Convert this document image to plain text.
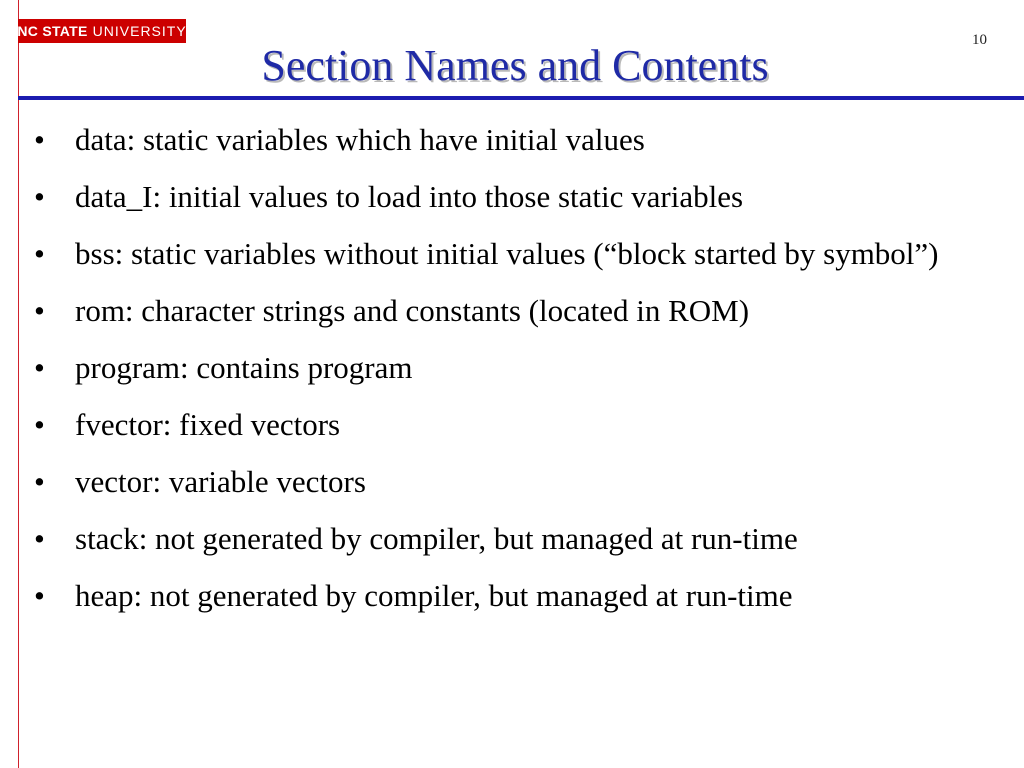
NC STATE UNIVERSITY
10
Section Names and Contents
• data: static variables which have initial values
• data_I: initial values to load into those static variables
• bss: static variables without initial values (“block started by symbol”)
• rom: character strings and constants (located in ROM)
• program: contains program
• fvector: fixed vectors
• vector: variable vectors
• stack: not generated by compiler, but managed at run-time
• heap: not generated by compiler, but managed at run-time
